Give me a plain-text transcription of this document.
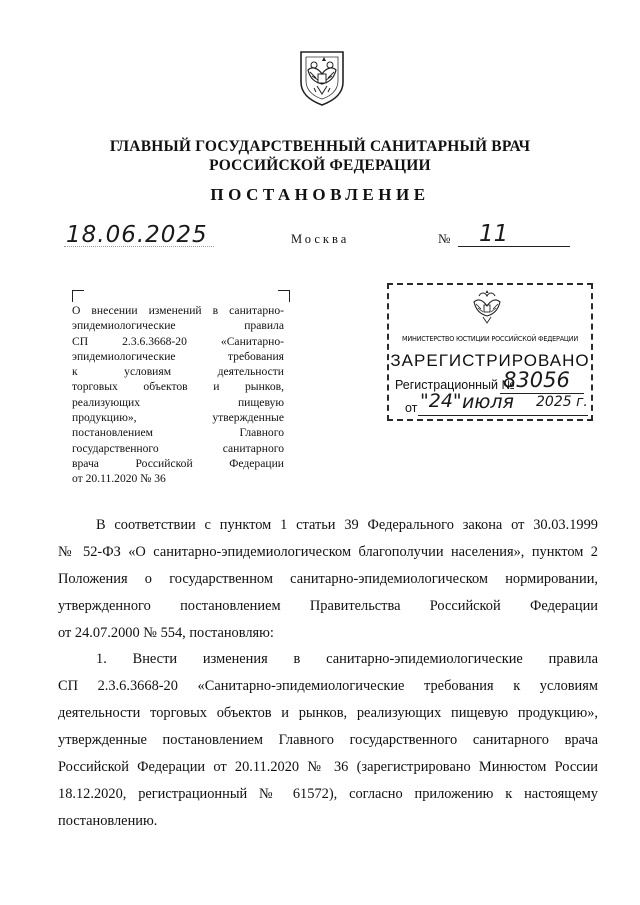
ГЛАВНЫЙ ГОСУДАРСТВЕННЫЙ САНИТАРНЫЙ ВРАЧ
РОССИЙСКОЙ ФЕДЕРАЦИИ
ПОСТАНОВЛЕНИЕ
18.06.2025	Москва	№ 11
О внесении изменений в санитарно-
эпидемиологические правила
СП 2.3.6.3668-20 «Санитарно-
эпидемиологические требования
к условиям деятельности
торговых объектов и рынков,
реализующих пищевую
продукцию», утвержденные
постановлением Главного
государственного санитарного
врача Российской Федерации
от 20.11.2020 № 36
МИНИСТЕРСТВО ЮСТИЦИИ РОССИЙСКОЙ ФЕДЕРАЦИИ
ЗАРЕГИСТРИРОВАНО
Регистрационный №
83056
от "24" июля 2025 г.
В соответствии с пунктом 1 статьи 39 Федерального закона от 30.03.1999
№ 52-ФЗ «О санитарно-эпидемиологическом благополучии населения», пунктом 2
Положения о государственном санитарно-эпидемиологическом нормировании,
утвержденного постановлением Правительства Российской Федерации
от 24.07.2000 № 554, постановляю:
1. Внести изменения в санитарно-эпидемиологические правила
СП 2.3.6.3668-20 «Санитарно-эпидемиологические требования к условиям
деятельности торговых объектов и рынков, реализующих пищевую продукцию»,
утвержденные постановлением Главного государственного санитарного врача
Российской Федерации от 20.11.2020 № 36 (зарегистрировано Минюстом России
18.12.2020, регистрационный № 61572), согласно приложению к настоящему
постановлению.
